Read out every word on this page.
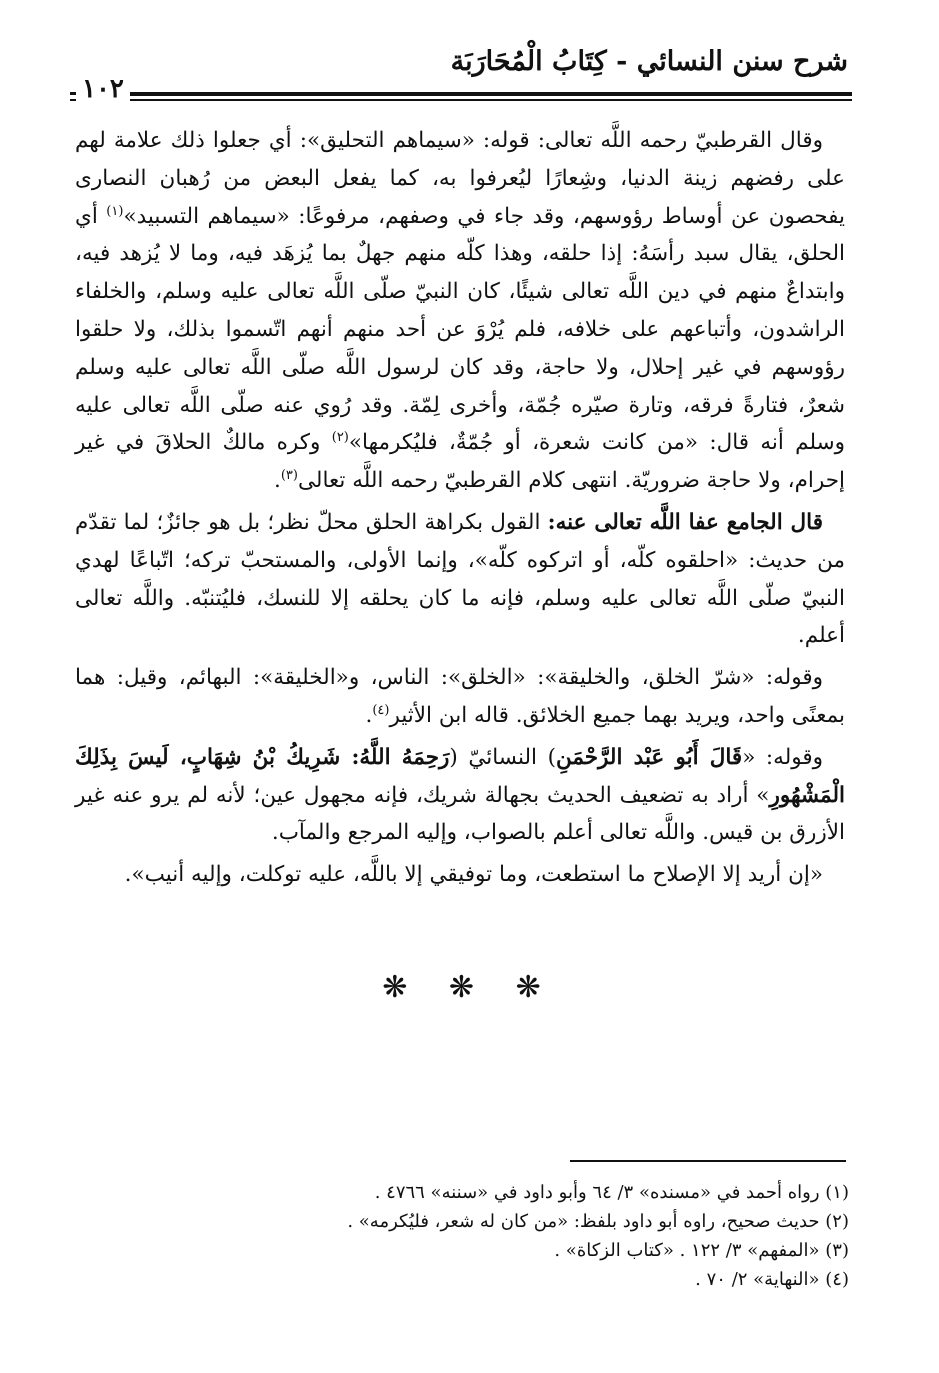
شرح سنن النسائي - كِتَابُ الْمُحَارَبَة
١٠٢

وقال القرطبيّ رحمه اللَّه تعالى: قوله: «سيماهم التحليق»: أي جعلوا ذلك علامة لهم على رفضهم زينة الدنيا، وشِعارًا ليُعرفوا به، كما يفعل البعض من رُهبان النصارى يفحصون عن أوساط رؤوسهم، وقد جاء في وصفهم، مرفوعًا: «سيماهم التسبيد»$^{(١)}$ أي الحلق، يقال سبد رأسَهُ: إذا حلقه، وهذا كلّه منهم جهلٌ بما يُزهَد فيه، وما لا يُزهد فيه، وابتداعٌ منهم في دين اللَّه تعالى شيئًا، كان النبيّ صلّى اللَّه تعالى عليه وسلم، والخلفاء الراشدون، وأتباعهم على خلافه، فلم يُرْوَ عن أحد منهم أنهم اتّسموا بذلك، ولا حلقوا رؤوسهم في غير إحلال، ولا حاجة، وقد كان لرسول اللَّه صلّى اللَّه تعالى عليه وسلم شعرٌ، فتارةً فرقه، وتارة صيّره جُمّة، وأخرى لِمّة. وقد رُوي عنه صلّى اللَّه تعالى عليه وسلم أنه قال: «من كانت شعرة، أو جُمّةٌ، فليُكرمها»$^{(٢)}$ وكره مالكٌ الحلاقَ في غير إحرام، ولا حاجة ضروريّة. انتهى كلام القرطبيّ رحمه اللَّه تعالى$^{(٣)}$.

قال الجامع عفا اللَّه تعالى عنه: القول بكراهة الحلق محلّ نظر؛ بل هو جائزٌ؛ لما تقدّم من حديث: «احلقوه كلّه، أو اتركوه كلّه»، وإنما الأولى، والمستحبّ تركه؛ اتّباعًا لهدي النبيّ صلّى اللَّه تعالى عليه وسلم، فإنه ما كان يحلقه إلا للنسك، فليُتنبّه. واللَّه تعالى أعلم.

وقوله: «شرّ الخلق، والخليقة»: «الخلق»: الناس، و«الخليقة»: البهائم، وقيل: هما بمعنًى واحد، ويريد بهما جميع الخلائق. قاله ابن الأثير$^{(٤)}$.

وقوله: «قَالَ أَبُو عَبْد الرَّحْمَنِ) النسائيّ (رَحِمَهُ اللَّهُ: شَرِيكُ بْنُ شِهَابٍ، لَيسَ بِذَلِكَ الْمَشْهُورِ» أراد به تضعيف الحديث بجهالة شريك، فإنه مجهول عين؛ لأنه لم يرو عنه غير الأزرق بن قيس. واللَّه تعالى أعلم بالصواب، وإليه المرجع والمآب.

«إن أريد إلا الإصلاح ما استطعت، وما توفيقي إلا باللَّه، عليه توكلت، وإليه أنيب».

❋ ❋ ❋
(١) رواه أحمد في «مسنده» ٣/ ٦٤ وأبو داود في «سننه» ٤٧٦٦ .
(٢) حديث صحيح، راوه أبو داود بلفظ: «من كان له شعر، فليُكرمه» .
(٣) «المفهم» ٣/ ١٢٢ . «كتاب الزكاة» .
(٤) «النهاية» ٢/ ٧٠ .
